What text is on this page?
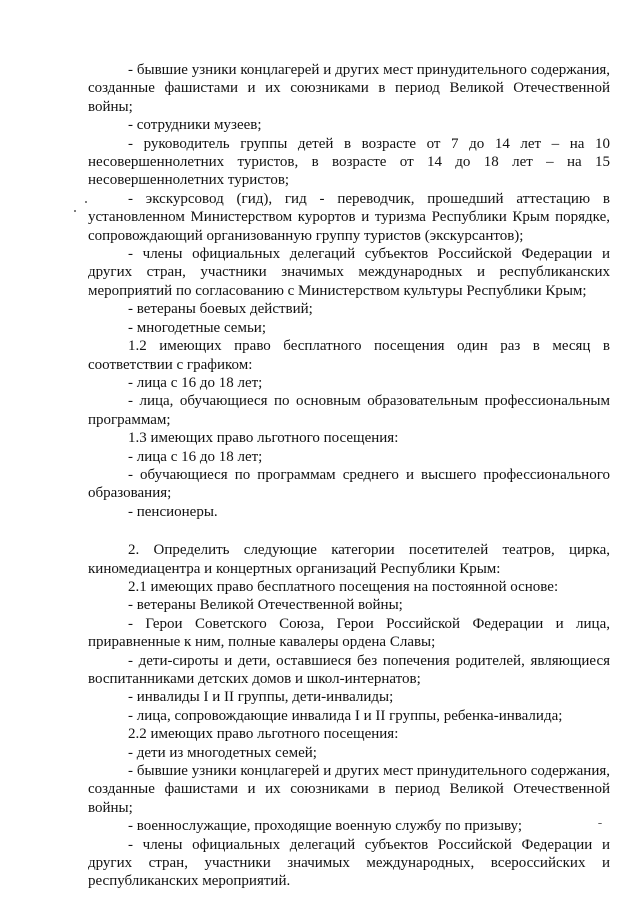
- бывшие узники концлагерей и других мест принудительного содержания, созданные фашистами и их союзниками в период Великой Отечественной войны;

- сотрудники музеев;

- руководитель группы детей в возрасте от 7 до 14 лет – на 10 несовершеннолетних туристов, в возрасте от 14 до 18 лет – на 15 несовершеннолетних туристов;

- экскурсовод (гид), гид - переводчик, прошедший аттестацию в установленном Министерством курортов и туризма Республики Крым порядке, сопровождающий организованную группу туристов (экскурсантов);

- члены официальных делегаций субъектов Российской Федерации и других стран, участники значимых международных и республиканских мероприятий по согласованию с Министерством культуры Республики Крым;

- ветераны боевых действий;

- многодетные семьи;

1.2 имеющих право бесплатного посещения один раз в месяц в соответствии с графиком:

- лица с 16 до 18 лет;

- лица, обучающиеся по основным образовательным профессиональным программам;

1.3 имеющих право льготного посещения:

- лица с 16 до 18 лет;

- обучающиеся по программам среднего и высшего профессионального образования;

- пенсионеры.

2. Определить следующие категории посетителей театров, цирка, киномедиацентра и концертных организаций Республики Крым:

2.1 имеющих право бесплатного посещения на постоянной основе:

- ветераны Великой Отечественной войны;

- Герои Советского Союза, Герои Российской Федерации и лица, приравненные к ним, полные кавалеры ордена Славы;

- дети-сироты и дети, оставшиеся без попечения родителей, являющиеся воспитанниками детских домов и школ-интернатов;

- инвалиды I и II группы, дети-инвалиды;

- лица, сопровождающие инвалида I и II группы, ребенка-инвалида;

2.2 имеющих право льготного посещения:

- дети из многодетных семей;

- бывшие узники концлагерей и других мест принудительного содержания, созданные фашистами и их союзниками в период Великой Отечественной войны;

- военнослужащие, проходящие военную службу по призыву;

- члены официальных делегаций субъектов Российской Федерации и других стран, участники значимых международных, всероссийских и республиканских мероприятий.
